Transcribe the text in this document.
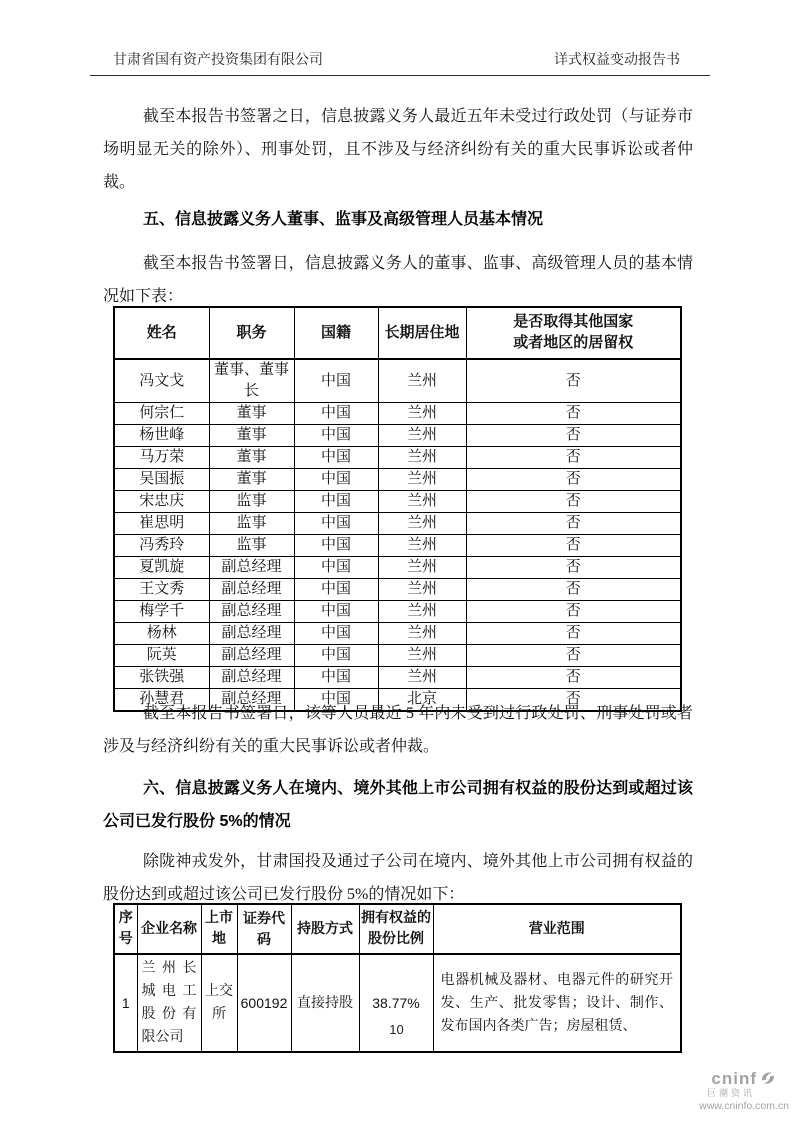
甘肃省国有资产投资集团有限公司	详式权益变动报告书

截至本报告书签署之日，信息披露义务人最近五年未受过行政处罚（与证券市场明显无关的除外）、刑事处罚，且不涉及与经济纠纷有关的重大民事诉讼或者仲裁。

五、信息披露义务人董事、监事及高级管理人员基本情况

截至本报告书签署日，信息披露义务人的董事、监事、高级管理人员的基本情况如下表：

姓名	职务	国籍	长期居住地	是否取得其他国家或者地区的居留权
冯文戈	董事、董事长	中国	兰州	否
何宗仁	董事	中国	兰州	否
杨世峰	董事	中国	兰州	否
马万荣	董事	中国	兰州	否
吴国振	董事	中国	兰州	否
宋忠庆	监事	中国	兰州	否
崔思明	监事	中国	兰州	否
冯秀玲	监事	中国	兰州	否
夏凯旋	副总经理	中国	兰州	否
王文秀	副总经理	中国	兰州	否
梅学千	副总经理	中国	兰州	否
杨林	副总经理	中国	兰州	否
阮英	副总经理	中国	兰州	否
张铁强	副总经理	中国	兰州	否
孙慧君	副总经理	中国	北京	否

截至本报告书签署日，该等人员最近 5 年内未受到过行政处罚、刑事处罚或者涉及与经济纠纷有关的重大民事诉讼或者仲裁。

六、信息披露义务人在境内、境外其他上市公司拥有权益的股份达到或超过该公司已发行股份 5%的情况

除陇神戎发外，甘肃国投及通过子公司在境内、境外其他上市公司拥有权益的股份达到或超过该公司已发行股份 5%的情况如下：

序号	企业名称	上市地	证券代码	持股方式	拥有权益的股份比例	营业范围
1	兰州长城电工股份有限公司	上交所	600192	直接持股	38.77%	电器机械及器材、电器元件的研究开发、生产、批发零售；设计、制作、发布国内各类广告；房屋租赁、
10
cninf
巨潮资讯
www.cninfo.com.cn
